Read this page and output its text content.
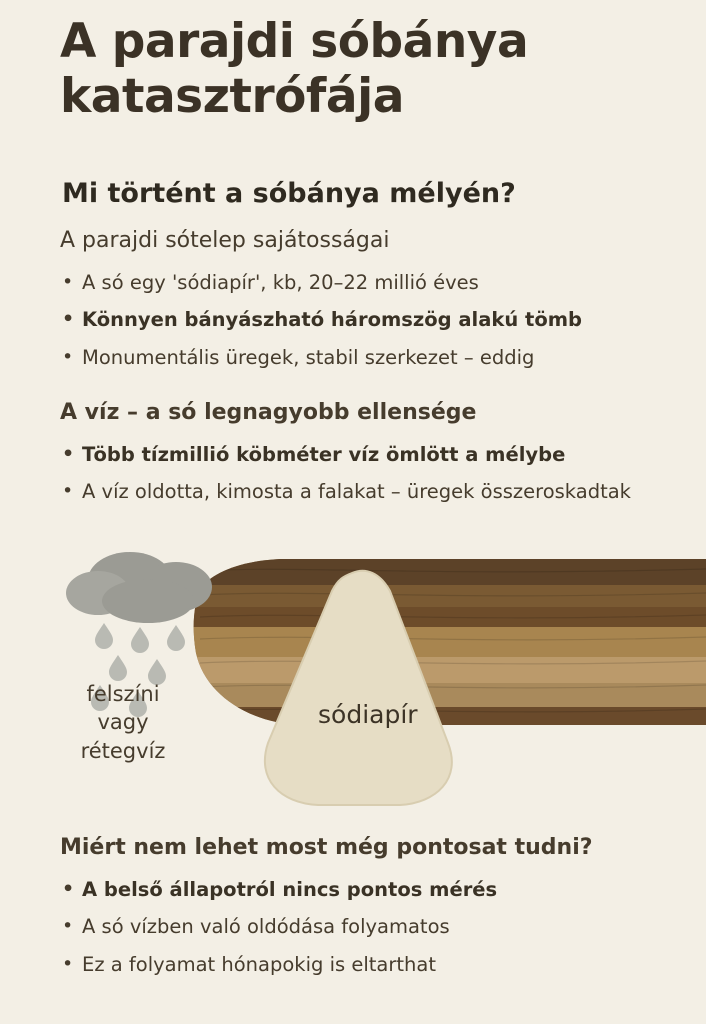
A parajdi sóbánya katasztrófája
Mi történt a sóbánya mélyén?
A parajdi sótelep sajátosságai
• A só egy 'sódiapír', kb, 20–22 millió éves
• Könnyen bányászható háromszög alakú tömb
• Monumentális üregek, stabil szerkezet – eddig
A víz – a só legnagyobb ellensége
• Több tízmillió köbméter víz ömlött a mélybe
• A víz oldotta, kimosta a falakat – üregek összeroskadtak
felszíni vagy rétegvíz
sódiapír
Miért nem lehet most még pontosat tudni?
• A belső állapotról nincs pontos mérés
• A só vízben való oldódása folyamatos
• Ez a folyamat hónapokig is eltarthat
